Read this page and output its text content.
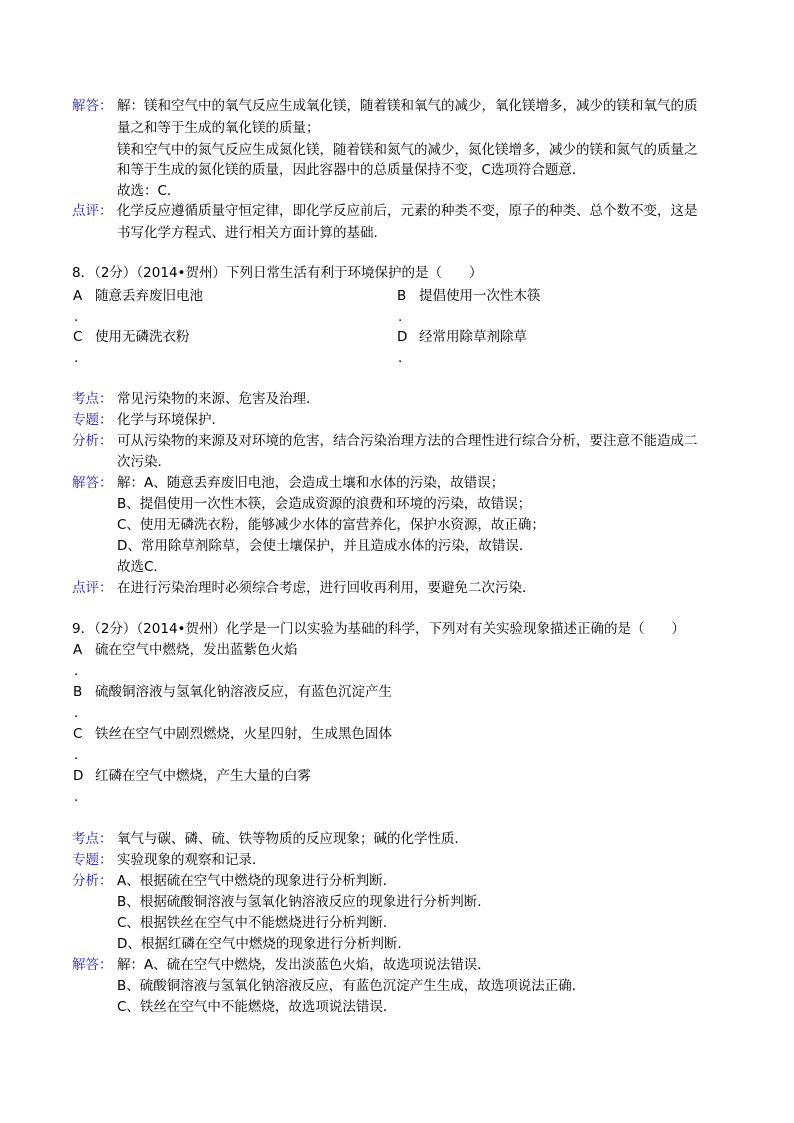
解答： 解：镁和空气中的氧气反应生成氧化镁，随着镁和氧气的减少，氧化镁增多，减少的镁和氧气的质
量之和等于生成的氧化镁的质量；
镁和空气中的氮气反应生成氮化镁，随着镁和氮气的减少，氮化镁增多，减少的镁和氮气的质量之
和等于生成的氮化镁的质量，因此容器中的总质量保持不变，C选项符合题意．
故选：C．
点评： 化学反应遵循质量守恒定律，即化学反应前后，元素的种类不变，原子的种类、总个数不变，这是
书写化学方程式、进行相关方面计算的基础．
8．（2分）（2014•贺州）下列日常生活有利于环境保护的是（　　）
A 随意丢弃废旧电池
.
B 提倡使用一次性木筷
.
C 使用无磷洗衣粉
.
D 经常用除草剂除草
.
考点： 常见污染物的来源、危害及治理．
专题： 化学与环境保护．
分析： 可从污染物的来源及对环境的危害，结合污染治理方法的合理性进行综合分析，要注意不能造成二
次污染．
解答： 解：A、随意丢弃废旧电池，会造成土壤和水体的污染，故错误；
B、提倡使用一次性木筷，会造成资源的浪费和环境的污染，故错误；
C、使用无磷洗衣粉，能够减少水体的富营养化，保护水资源，故正确；
D、常用除草剂除草，会使土壤保护，并且造成水体的污染，故错误．
故选C．
点评： 在进行污染治理时必须综合考虑，进行回收再利用，要避免二次污染．
9．（2分）（2014•贺州）化学是一门以实验为基础的科学，下列对有关实验现象描述正确的是（　　）
A 硫在空气中燃烧，发出蓝紫色火焰
.
B 硫酸铜溶液与氢氧化钠溶液反应，有蓝色沉淀产生
.
C 铁丝在空气中剧烈燃烧，火星四射，生成黑色固体
.
D 红磷在空气中燃烧，产生大量的白雾
.
考点： 氧气与碳、磷、硫、铁等物质的反应现象；碱的化学性质．
专题： 实验现象的观察和记录．
分析： A、根据硫在空气中燃烧的现象进行分析判断．
B、根据硫酸铜溶液与氢氧化钠溶液反应的现象进行分析判断．
C、根据铁丝在空气中不能燃烧进行分析判断．
D、根据红磷在空气中燃烧的现象进行分析判断．
解答： 解：A、硫在空气中燃烧，发出淡蓝色火焰，故选项说法错误．
B、硫酸铜溶液与氢氧化钠溶液反应，有蓝色沉淀产生生成，故选项说法正确．
C、铁丝在空气中不能燃烧，故选项说法错误．
